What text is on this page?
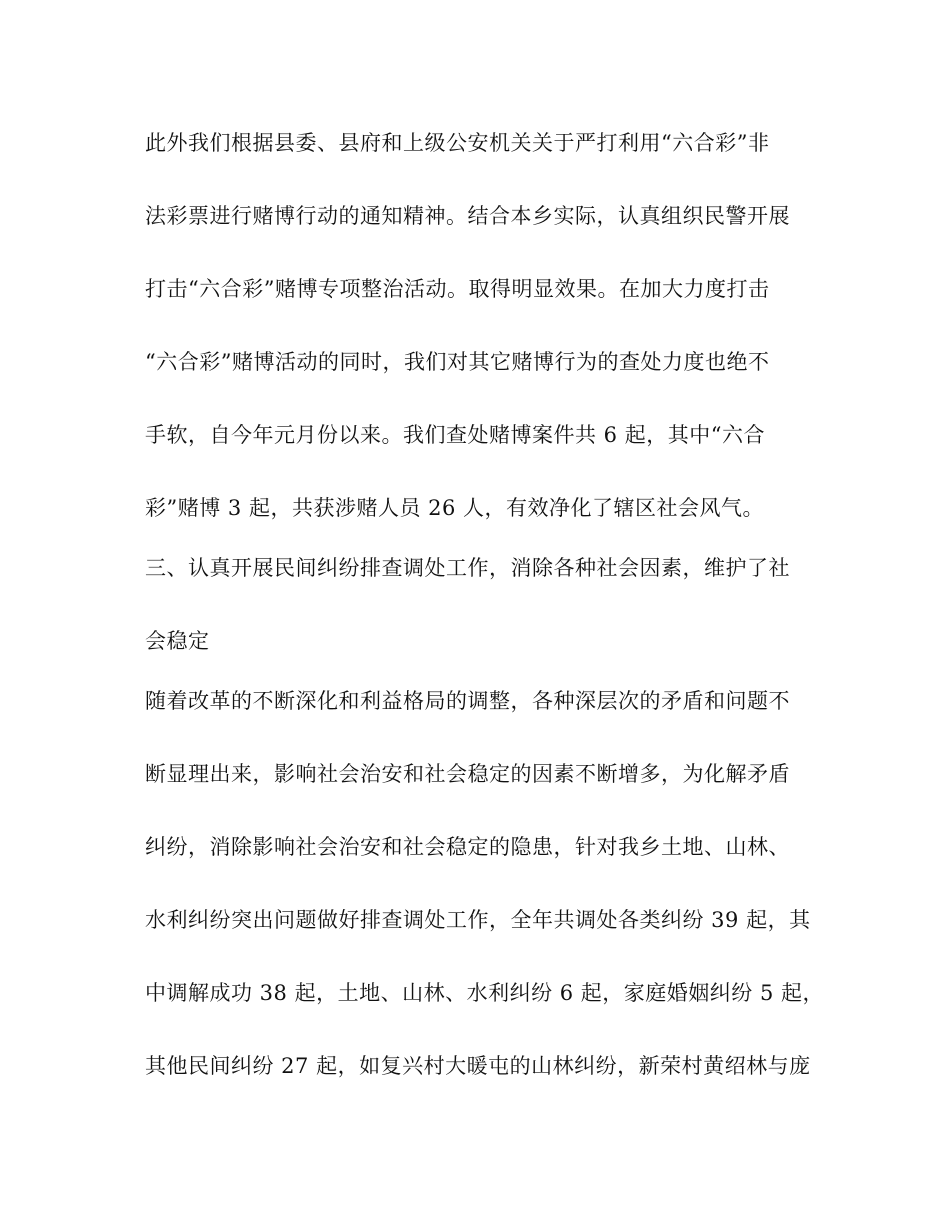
此外我们根据县委、县府和上级公安机关关于严打利用“六合彩”非
法彩票进行赌博行动的通知精神。结合本乡实际，认真组织民警开展
打击“六合彩”赌博专项整治活动。取得明显效果。在加大力度打击
“六合彩”赌博活动的同时，我们对其它赌博行为的查处力度也绝不
手软，自今年元月份以来。我们查处赌博案件共 6 起，其中“六合
彩”赌博 3 起，共获涉赌人员 26 人，有效净化了辖区社会风气。
三、认真开展民间纠纷排查调处工作，消除各种社会因素，维护了社
会稳定
随着改革的不断深化和利益格局的调整，各种深层次的矛盾和问题不
断显理出来，影响社会治安和社会稳定的因素不断增多，为化解矛盾
纠纷，消除影响社会治安和社会稳定的隐患，针对我乡土地、山林、
水利纠纷突出问题做好排查调处工作，全年共调处各类纠纷 39 起，其
中调解成功 38 起，土地、山林、水利纠纷 6 起，家庭婚姻纠纷 5 起，
其他民间纠纷 27 起，如复兴村大暖屯的山林纠纷，新荣村黄绍林与庞
